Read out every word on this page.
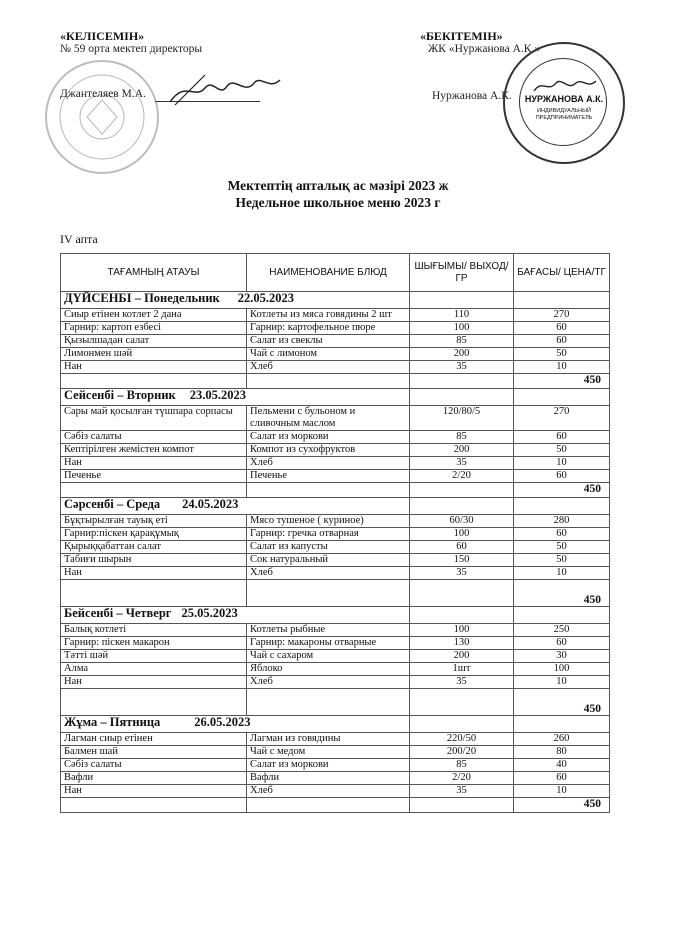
«КЕЛІСЕМІН»
№ 59 орта мектеп директоры
Джантеляев М.А.
«БЕКІТЕМІН»
ЖК «Нуржанова А.К.»
Нуржанова А.К.	НУРЖАНОВА А.К.
ИНДИВИДУАЛЬНЫЙ ПРЕДПРИНИМАТЕЛЬ
Мектептің апталық ас мәзірі 2023 ж
Недельное школьное меню 2023 г
IV апта
ТАҒАМНЫҢ АТАУЫ	НАИМЕНОВАНИЕ БЛЮД	ШЫҒЫМЫ/ ВЫХОД/ГР	БАҒАСЫ/ ЦЕНА/ТГ
ДҮЙСЕНБІ – Понедельник 22.05.2023			
Сиыр етінен котлет 2 дана	Котлеты из мяса говядины 2 шт	110	270
Гарнир: картоп езбесі	Гарнир: картофельное пюре	100	60
Қызылшадан салат	Салат из свеклы	85	60
Лимонмен шәй	Чай с лимоном	200	50
Нан	Хлеб	35	10
			450
Сейсенбі – Вторник 23.05.2023			
Сары май қосылған түшпара сорпасы	Пельмени с бульоном и сливочным маслом	120/80/5	270
Сәбіз салаты	Салат из моркови	85	60
Кептірілген жемістен компот	Компот из сухофруктов	200	50
Нан	Хлеб	35	10
Печенье	Печенье	2/20	60
			450
Сәрсенбі – Среда 24.05.2023			
Бұқтырылған тауық еті	Мясо тушеное ( куриное)	60/30	280
Гарнир:піскен қарақұмық	Гарнир: гречка отварная	100	60
Қырыққабаттан салат	Салат из капусты	60	50
Табиғи шырын	Сок натуральный	150	50
Нан	Хлеб	35	10
			450
Бейсенбі – Четверг 25.05.2023			
Балық котлеті	Котлеты рыбные	100	250
Гарнир: піскен макарон	Гарнир: макароны отварные	130	60
Тәтті шәй	Чай с сахаром	200	30
Алма	Яблоко	1шт	100
Нан	Хлеб	35	10
			450
Жұма – Пятница 26.05.2023			
Лагман сиыр етінен	Лагман из говядины	220/50	260
Балмен шай	Чай с медом	200/20	80
Сәбіз салаты	Салат из моркови	85	40
Вафли	Вафли	2/20	60
Нан	Хлеб	35	10
			450
